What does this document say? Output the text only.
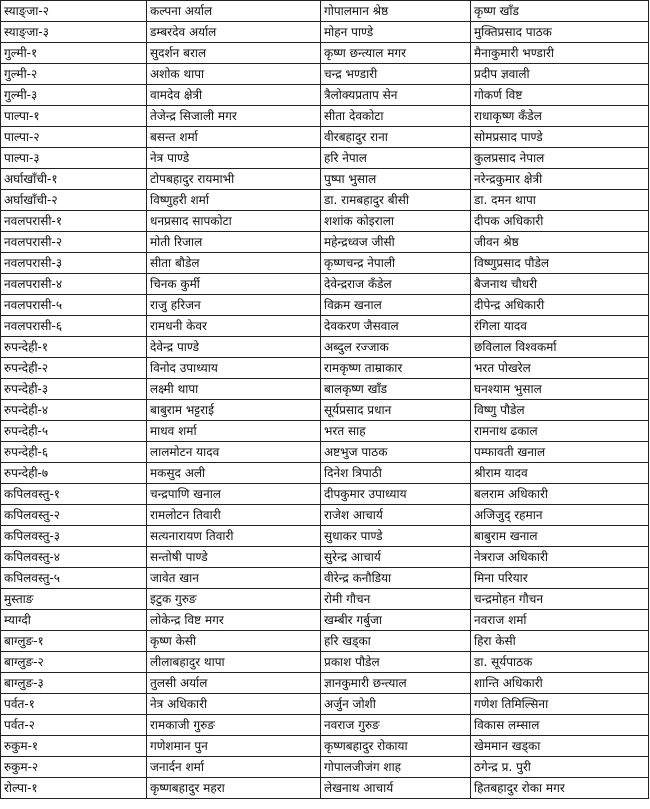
स्याङ्जा-२	कल्पना अर्याल	गोपालमान श्रेष्ठ	कृष्ण खाँड
स्याङ्जा-३	डम्बरदेव अर्याल	मोहन पाण्डे	मुक्तिप्रसाद पाठक
गुल्मी-१	सुदर्शन बराल	कृष्ण छन्त्याल मगर	मैनाकुमारी भण्डारी
गुल्मी-२	अशोक थापा	चन्द्र भण्डारी	प्रदीप ज्ञवाली
गुल्मी-३	वामदेव क्षेत्री	त्रैलोक्यप्रताप सेन	गोकर्ण विष्ट
पाल्पा-१	तेजेन्द्र सिजाली मगर	सीता देवकोटा	राधाकृष्ण कँडेल
पाल्पा-२	बसन्त शर्मा	वीरबहादुर राना	सोमप्रसाद पाण्डे
पाल्पा-३	नेत्र पाण्डे	हरि नेपाल	कुलप्रसाद नेपाल
अर्घाखाँची-१	टोपबहादुर रायमाभी	पुष्पा भुसाल	नरेन्द्रकुमार क्षेत्री
अर्घाखाँची-२	विष्णुहरी शर्मा	डा. रामबहादुर बीसी	डा. दमन थापा
नवलपरासी-१	धनप्रसाद सापकोटा	शशांक कोइराला	दीपक अधिकारी
नवलपरासी-२	मोती रिजाल	महेन्द्रध्वज जीसी	जीवन श्रेष्ठ
नवलपरासी-३	सीता बौडेल	कृष्णचन्द्र नेपाली	विष्णुप्रसाद पौडेल
नवलपरासी-४	चिनक कुर्मी	देवेन्द्रराज कँडेल	बैजनाथ चौधरी
नवलपरासी-५	राजु हरिजन	विक्रम खनाल	दीपेन्द्र अधिकारी
नवलपरासी-६	रामधनी केवर	देवकरण जैसवाल	रंगिला यादव
रुपन्देही-१	देवेन्द्र पाण्डे	अब्दुल रज्जाक	छविलाल विश्वकर्मा
रुपन्देही-२	विनोद उपाध्याय	रामकृष्ण ताम्राकार	भरत पोखरेल
रुपन्देही-३	लक्ष्मी थापा	बालकृष्ण खाँड	घनश्याम भुसाल
रुपन्देही-४	बाबुराम भट्टराई	सूर्यप्रसाद प्रधान	विष्णु पौडेल
रुपन्देही-५	माधव शर्मा	भरत साह	रामनाथ ढकाल
रुपन्देही-६	लालमोटन यादव	अष्टभुज पाठक	पम्फावती खनाल
रुपन्देही-७	मकसुद अली	दिनेश त्रिपाठी	श्रीराम यादव
कपिलवस्तु-१	चन्द्रपाणि खनाल	दीपकुमार उपाध्याय	बलराम अधिकारी
कपिलवस्तु-२	रामलोटन तिवारी	राजेश आचार्य	अजिजुद् रहमान
कपिलवस्तु-३	सत्यनारायण तिवारी	सुधाकर पाण्डे	बाबुराम खनाल
कपिलवस्तु-४	सन्तोषी पाण्डे	सुरेन्द्र आचार्य	नेत्रराज अधिकारी
कपिलवस्तु-५	जावेत खान	वीरेन्द्र कनौडिया	मिना परियार
मुस्ताङ	इटुक गुरुङ	रोमी गौचन	चन्द्रमोहन गौचन
म्याग्दी	लोकेन्द्र विष्ट मगर	खम्बीर गर्बुजा	नवराज शर्मा
बाग्लुङ-१	कृष्ण केसी	हरि खड्का	हिरा केसी
बाग्लुङ-२	लीलाबहादुर थापा	प्रकाश पौडेल	डा. सूर्यपाठक
बाग्लुङ-३	तुलसी अर्याल	ज्ञानकुमारी छन्त्याल	शान्ति अधिकारी
पर्वत-१	नेत्र अधिकारी	अर्जुन जोशी	गणेश तिमिल्सिना
पर्वत-२	रामकाजी गुरुङ	नवराज गुरुङ	विकास लम्साल
रुकुम-१	गणेशमान पुन	कृष्णबहादुर रोकाया	खेममान खड्का
रुकुम-२	जनार्दन शर्मा	गोपालजीजंग शाह	ठगेन्द्र प्र. पुरी
रोल्पा-१	कृष्णबहादुर महरा	लेखनाथ आचार्य	हितबहादुर रोका मगर
